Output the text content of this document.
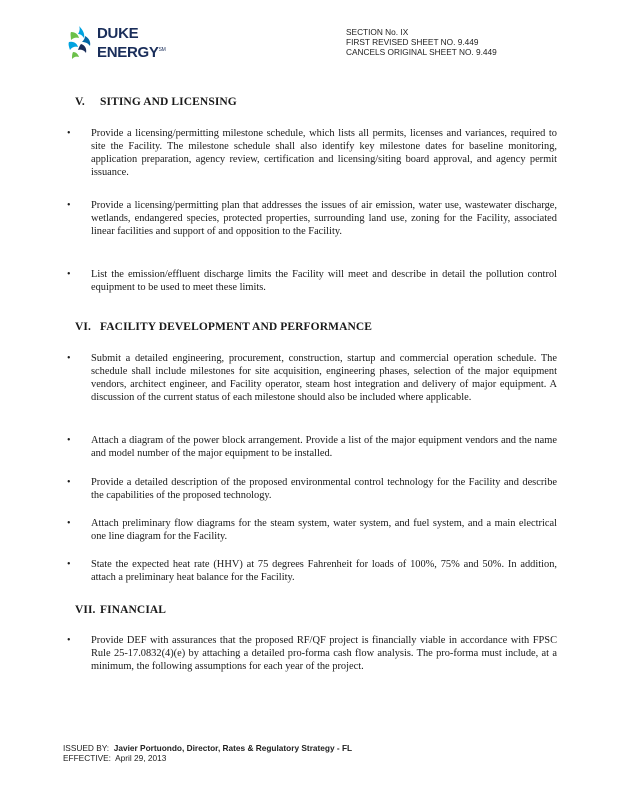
DUKE
ENERGY℠
SECTION No. IX
FIRST REVISED SHEET NO. 9.449
CANCELS ORIGINAL SHEET NO. 9.449
V. SITING AND LICENSING
• Provide a licensing/permitting milestone schedule, which lists all permits, licenses and variances, required to site the Facility. The milestone schedule shall also identify key milestone dates for baseline monitoring, application preparation, agency review, certification and licensing/siting board approval, and agency permit issuance.
• Provide a licensing/permitting plan that addresses the issues of air emission, water use, wastewater discharge, wetlands, endangered species, protected properties, surrounding land use, zoning for the Facility, associated linear facilities and support of and opposition to the Facility.
• List the emission/effluent discharge limits the Facility will meet and describe in detail the pollution control equipment to be used to meet these limits.
VI. FACILITY DEVELOPMENT AND PERFORMANCE
• Submit a detailed engineering, procurement, construction, startup and commercial operation schedule. The schedule shall include milestones for site acquisition, engineering phases, selection of the major equipment vendors, architect engineer, and Facility operator, steam host integration and delivery of major equipment. A discussion of the current status of each milestone should also be included where applicable.
• Attach a diagram of the power block arrangement. Provide a list of the major equipment vendors and the name and model number of the major equipment to be installed.
• Provide a detailed description of the proposed environmental control technology for the Facility and describe the capabilities of the proposed technology.
• Attach preliminary flow diagrams for the steam system, water system, and fuel system, and a main electrical one line diagram for the Facility.
• State the expected heat rate (HHV) at 75 degrees Fahrenheit for loads of 100%, 75% and 50%. In addition, attach a preliminary heat balance for the Facility.
VII. FINANCIAL
• Provide DEF with assurances that the proposed RF/QF project is financially viable in accordance with FPSC Rule 25-17.0832(4)(e) by attaching a detailed pro-forma cash flow analysis. The pro-forma must include, at a minimum, the following assumptions for each year of the project.
ISSUED BY: Javier Portuondo, Director, Rates & Regulatory Strategy - FL
EFFECTIVE: April 29, 2013
